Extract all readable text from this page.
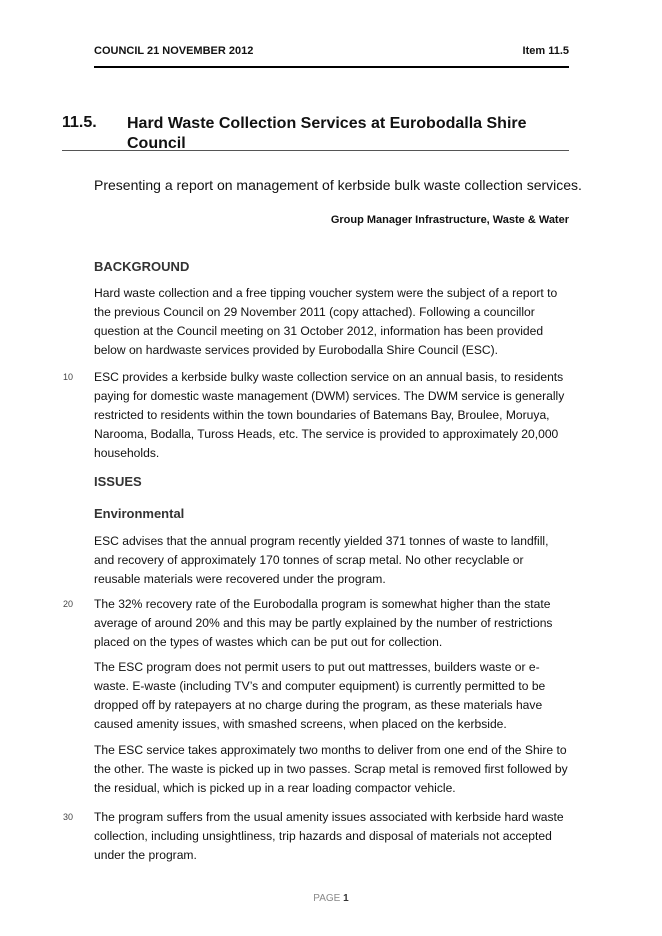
COUNCIL 21 NOVEMBER 2012	Item 11.5
11.5. Hard Waste Collection Services at Eurobodalla Shire Council
Presenting a report on management of kerbside bulk waste collection services.
Group Manager Infrastructure, Waste & Water
BACKGROUND
Hard waste collection and a free tipping voucher system were the subject of a report to the previous Council on 29 November 2011 (copy attached). Following a councillor question at the Council meeting on 31 October 2012, information has been provided below on hardwaste services provided by Eurobodalla Shire Council (ESC).
10 ESC provides a kerbside bulky waste collection service on an annual basis, to residents paying for domestic waste management (DWM) services. The DWM service is generally restricted to residents within the town boundaries of Batemans Bay, Broulee, Moruya, Narooma, Bodalla, Tuross Heads, etc. The service is provided to approximately 20,000 households.
ISSUES
Environmental
ESC advises that the annual program recently yielded 371 tonnes of waste to landfill, and recovery of approximately 170 tonnes of scrap metal. No other recyclable or reusable materials were recovered under the program.
20 The 32% recovery rate of the Eurobodalla program is somewhat higher than the state average of around 20% and this may be partly explained by the number of restrictions placed on the types of wastes which can be put out for collection.
The ESC program does not permit users to put out mattresses, builders waste or e-waste. E-waste (including TV’s and computer equipment) is currently permitted to be dropped off by ratepayers at no charge during the program, as these materials have caused amenity issues, with smashed screens, when placed on the kerbside.
The ESC service takes approximately two months to deliver from one end of the Shire to the other. The waste is picked up in two passes. Scrap metal is removed first followed by the residual, which is picked up in a rear loading compactor vehicle.
30 The program suffers from the usual amenity issues associated with kerbside hard waste collection, including unsightliness, trip hazards and disposal of materials not accepted under the program.
PAGE 1
